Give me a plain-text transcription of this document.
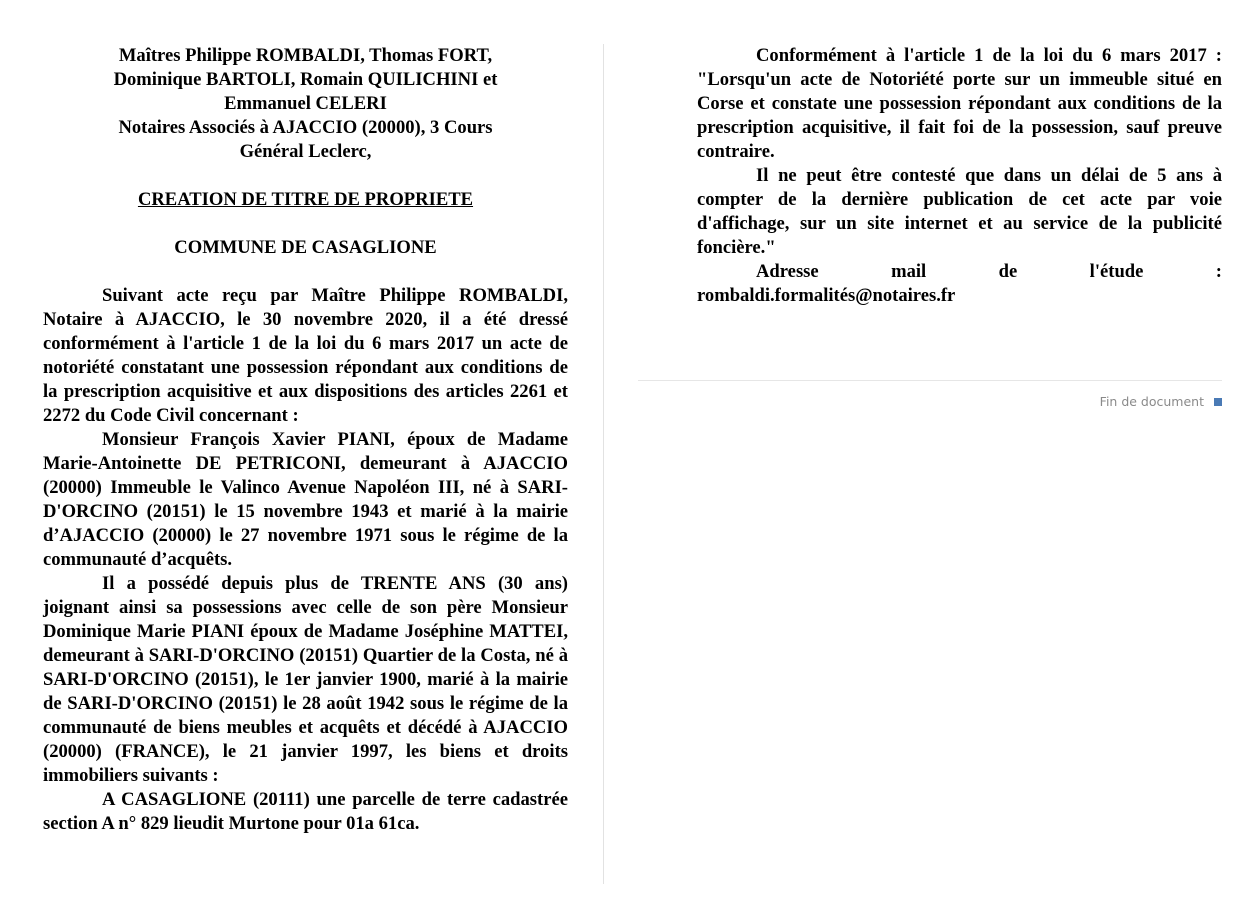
Maîtres Philippe ROMBALDI, Thomas FORT,
Dominique BARTOLI, Romain QUILICHINI et
Emmanuel CELERI
Notaires Associés à AJACCIO (20000), 3 Cours
Général Leclerc,
CREATION DE TITRE DE PROPRIETE
COMMUNE DE CASAGLIONE

Suivant acte reçu par Maître Philippe ROMBALDI, Notaire à AJACCIO, le 30 novembre 2020, il a été dressé conformément à l'article 1 de la loi du 6 mars 2017 un acte de notoriété constatant une possession répondant aux conditions de la prescription acquisitive et aux dispositions des articles 2261 et 2272 du Code Civil concernant :

Monsieur François Xavier PIANI, époux de Madame Marie-Antoinette DE PETRICONI, demeurant à AJACCIO (20000) Immeuble le Valinco Avenue Napoléon III, né à SARI-D'ORCINO (20151) le 15 novembre 1943 et marié à la mairie d’AJACCIO (20000) le 27 novembre 1971 sous le régime de la communauté d’acquêts.

Il a possédé depuis plus de TRENTE ANS (30 ans) joignant ainsi sa possessions avec celle de son père Monsieur Dominique Marie PIANI époux de Madame Joséphine MATTEI, demeurant à SARI-D'ORCINO (20151) Quartier de la Costa, né à SARI-D'ORCINO (20151), le 1er janvier 1900, marié à la mairie de SARI-D'ORCINO (20151) le 28 août 1942 sous le régime de la communauté de biens meubles et acquêts et décédé à AJACCIO (20000) (FRANCE), le 21 janvier 1997, les biens et droits immobiliers suivants :

A CASAGLIONE (20111) une parcelle de terre cadastrée section A n° 829 lieudit Murtone pour 01a 61ca.

Conformément à l'article 1 de la loi du 6 mars 2017 : "Lorsqu'un acte de Notoriété porte sur un immeuble situé en Corse et constate une possession répondant aux conditions de la prescription acquisitive, il fait foi de la possession, sauf preuve contraire.

Il ne peut être contesté que dans un délai de 5 ans à compter de la dernière publication de cet acte par voie d'affichage, sur un site internet et au service de la publicité foncière."

Adresse mail de l'étude :

rombaldi.formalités@notaires.fr

Fin de document
